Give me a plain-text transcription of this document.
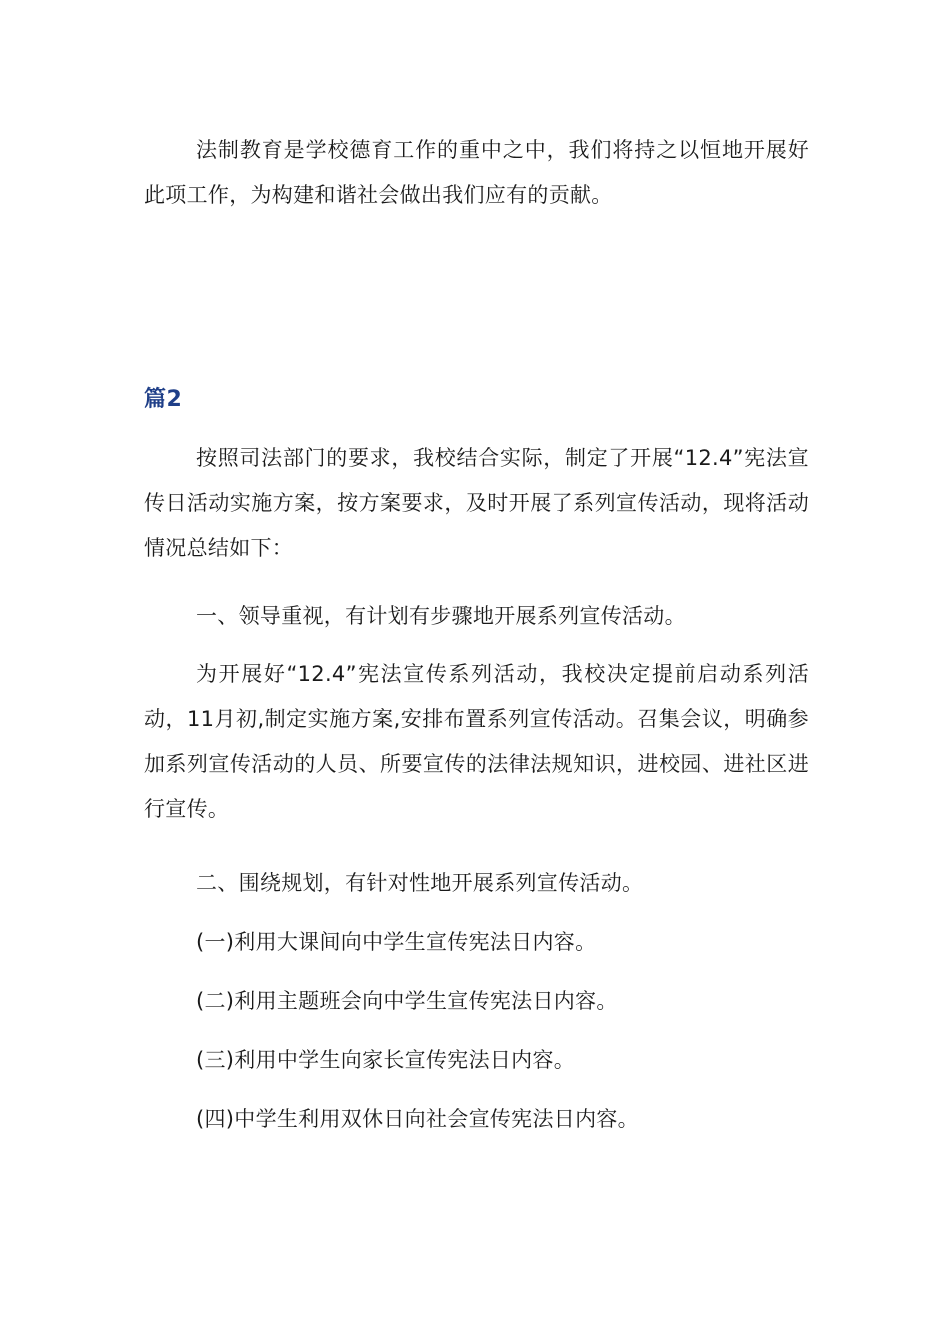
法制教育是学校德育工作的重中之中，我们将持之以恒地开展好此项工作，为构建和谐社会做出我们应有的贡献。

篇2

按照司法部门的要求，我校结合实际，制定了开展“12.4”宪法宣传日活动实施方案，按方案要求，及时开展了系列宣传活动，现将活动情况总结如下：

一、领导重视，有计划有步骤地开展系列宣传活动。

为开展好“12.4”宪法宣传系列活动，我校决定提前启动系列活动，11月初,制定实施方案,安排布置系列宣传活动。召集会议，明确参加系列宣传活动的人员、所要宣传的法律法规知识，进校园、进社区进行宣传。

二、围绕规划，有针对性地开展系列宣传活动。

(一)利用大课间向中学生宣传宪法日内容。

(二)利用主题班会向中学生宣传宪法日内容。

(三)利用中学生向家长宣传宪法日内容。

(四)中学生利用双休日向社会宣传宪法日内容。
